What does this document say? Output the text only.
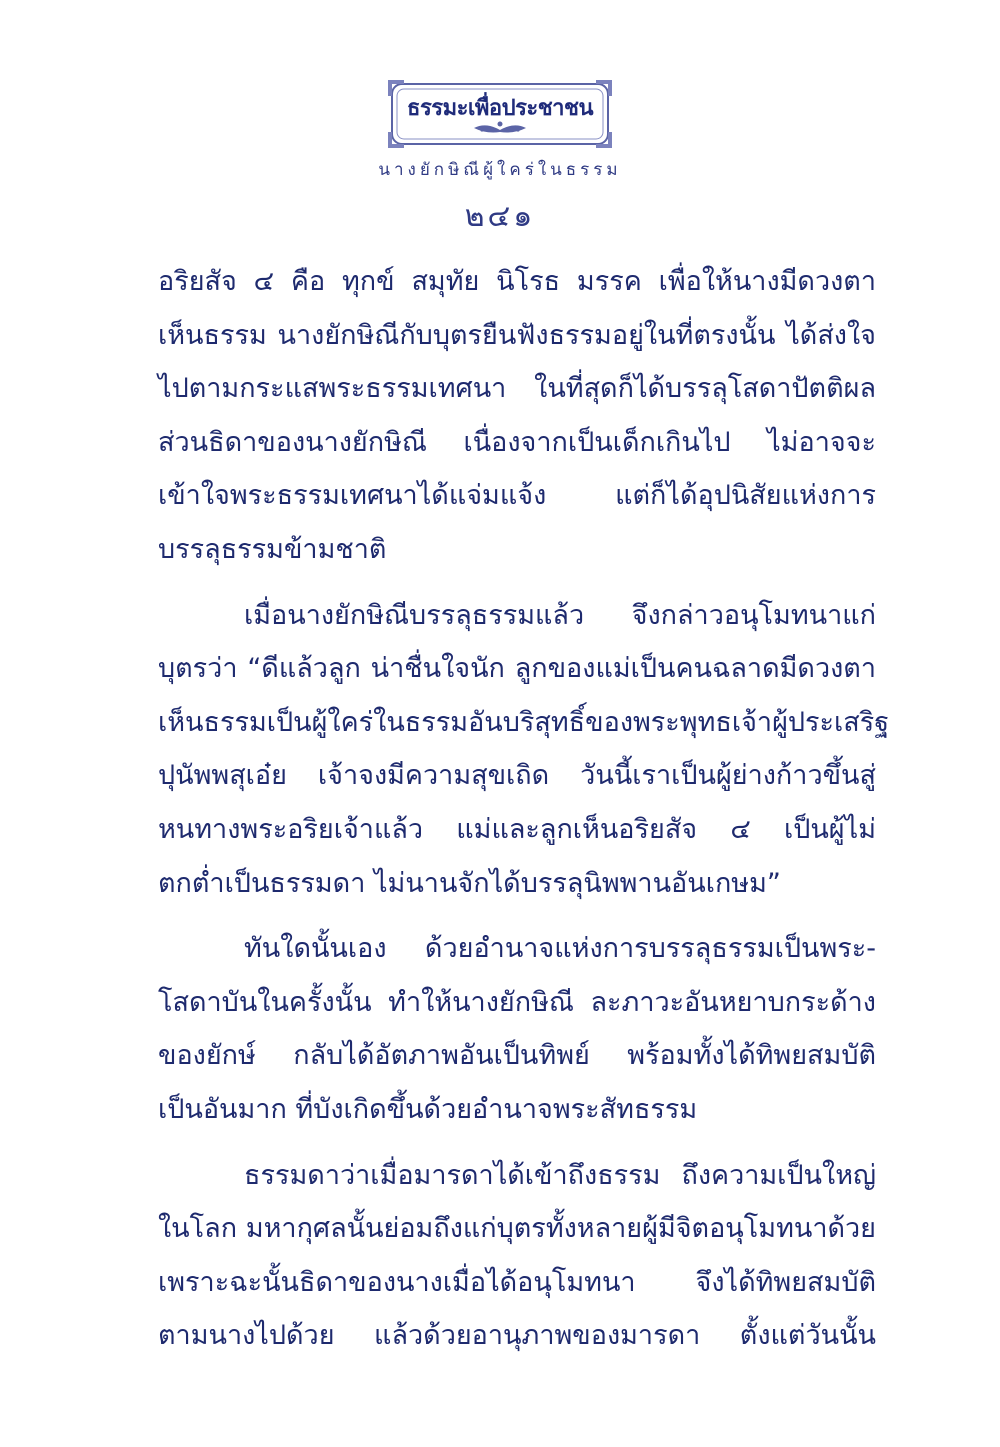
ธรรมะเพื่อประชาชน
นางยักษิณีผู้ใคร่ในธรรม
๒๔๑

อริยสัจ ๔ คือ ทุกข์ สมุทัย นิโรธ มรรค เพื่อให้นางมีดวงตา
เห็นธรรม นางยักษิณีกับบุตรยืนฟังธรรมอยู่ในที่ตรงนั้น ได้ส่งใจ
ไปตามกระแสพระธรรมเทศนา ในที่สุดก็ได้บรรลุโสดาปัตติผล
ส่วนธิดาของนางยักษิณี เนื่องจากเป็นเด็กเกินไป ไม่อาจจะ
เข้าใจพระธรรมเทศนาได้แจ่มแจ้ง แต่ก็ได้อุปนิสัยแห่งการ
บรรลุธรรมข้ามชาติ

เมื่อนางยักษิณีบรรลุธรรมแล้ว จึงกล่าวอนุโมทนาแก่
บุตรว่า “ดีแล้วลูก น่าชื่นใจนัก ลูกของแม่เป็นคนฉลาดมีดวงตา
เห็นธรรมเป็นผู้ใคร่ในธรรมอันบริสุทธิ์ของพระพุทธเจ้าผู้ประเสริฐ
ปุนัพพสุเอ๋ย เจ้าจงมีความสุขเถิด วันนี้เราเป็นผู้ย่างก้าวขึ้นสู่
หนทางพระอริยเจ้าแล้ว แม่และลูกเห็นอริยสัจ ๔ เป็นผู้ไม่
ตกต่ำเป็นธรรมดา ไม่นานจักได้บรรลุนิพพานอันเกษม”

ทันใดนั้นเอง ด้วยอำนาจแห่งการบรรลุธรรมเป็นพระ-
โสดาบันในครั้งนั้น ทำให้นางยักษิณี ละภาวะอันหยาบกระด้าง
ของยักษ์ กลับได้อัตภาพอันเป็นทิพย์ พร้อมทั้งได้ทิพยสมบัติ
เป็นอันมาก ที่บังเกิดขึ้นด้วยอำนาจพระสัทธรรม

ธรรมดาว่าเมื่อมารดาได้เข้าถึงธรรม ถึงความเป็นใหญ่
ในโลก มหากุศลนั้นย่อมถึงแก่บุตรทั้งหลายผู้มีจิตอนุโมทนาด้วย
เพราะฉะนั้นธิดาของนางเมื่อได้อนุโมทนา จึงได้ทิพยสมบัติ
ตามนางไปด้วย แล้วด้วยอานุภาพของมารดา ตั้งแต่วันนั้น
